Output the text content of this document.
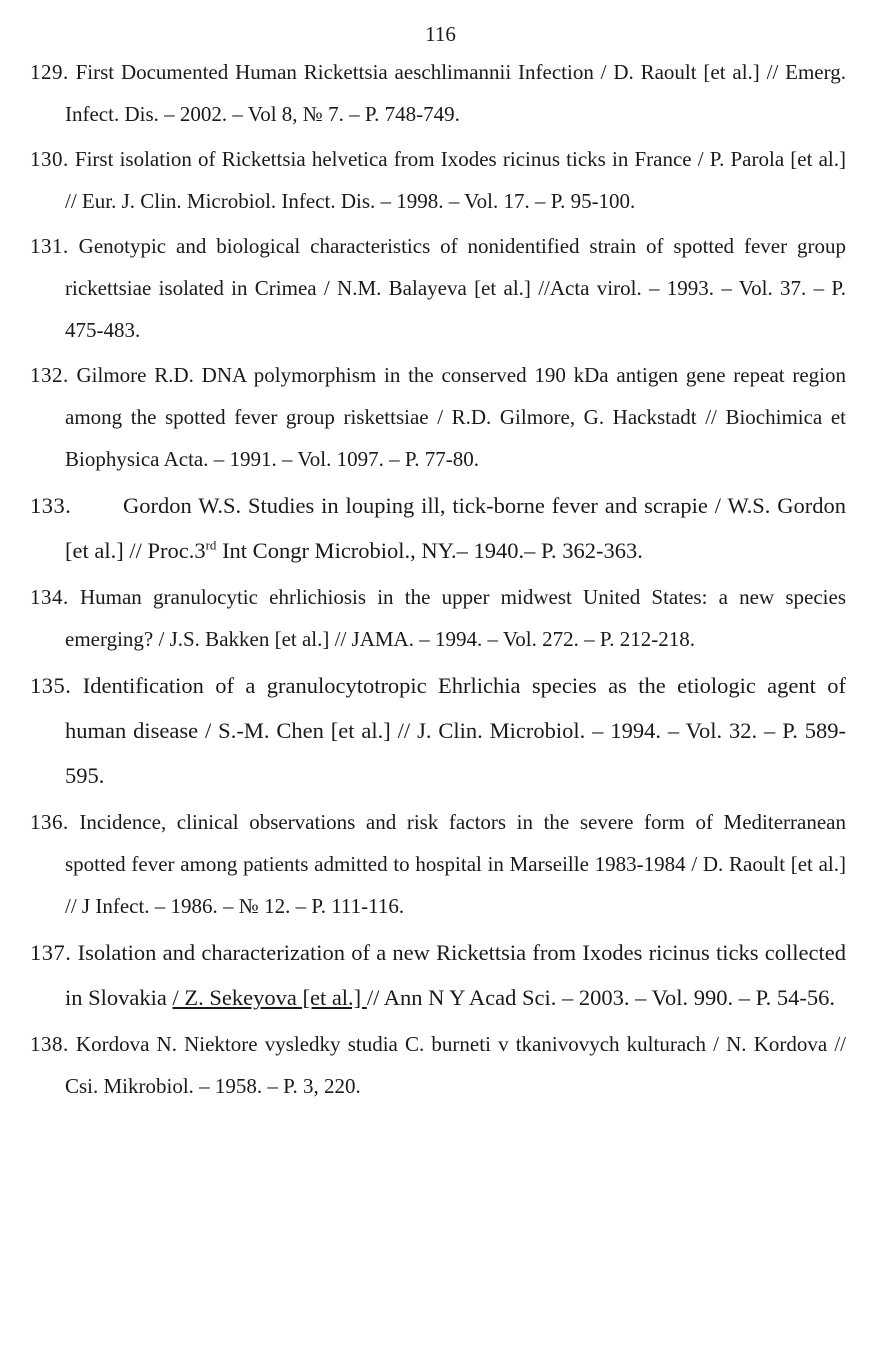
116
129. First Documented Human Rickettsia aeschlimannii Infection / D. Raoult [et al.] // Emerg. Infect. Dis. – 2002. – Vol 8, № 7. – P. 748-749.
130. First isolation of Rickettsia helvetica from Ixodes ricinus ticks in France / P. Parola [et al.] // Eur. J. Clin. Microbiol. Infect. Dis. – 1998. – Vol. 17. – P. 95-100.
131. Genotypic and biological characteristics of nonidentified strain of spotted fever group rickettsiae isolated in Crimea / N.M. Balayeva [et al.] //Acta virol. – 1993. – Vol. 37. – P. 475-483.
132. Gilmore R.D. DNA polymorphism in the conserved 190 kDa antigen gene repeat region among the spotted fever group riskettsiae / R.D. Gilmore, G. Hackstadt // Biochimica et Biophysica Acta. – 1991. – Vol. 1097. – P. 77-80.
133. Gordon W.S. Studies in louping ill, tick-borne fever and scrapie / W.S. Gordon [et al.] // Proc.3rd Int Congr Microbiol., NY.– 1940.– P. 362-363.
134. Human granulocytic ehrlichiosis in the upper midwest United States: a new species emerging? / J.S. Bakken [et al.] // JAMA. – 1994. – Vol. 272. – P. 212-218.
135. Identification of a granulocytotropic Ehrlichia species as the etiologic agent of human disease / S.-M. Chen [et al.] // J. Clin. Microbiol. – 1994. – Vol. 32. – P. 589-595.
136. Incidence, clinical observations and risk factors in the severe form of Mediterranean spotted fever among patients admitted to hospital in Marseille 1983-1984 / D. Raoult [et al.] // J Infect. – 1986. – № 12. – P. 111-116.
137. Isolation and characterization of a new Rickettsia from Ixodes ricinus ticks collected in Slovakia / Z. Sekeyova [et al.] // Ann N Y Acad Sci. – 2003. – Vol. 990. – P. 54-56.
138. Kordova N. Niektore vysledky studia C. burneti v tkanivovych kulturach / N. Kordova // Csi. Mikrobiol. – 1958. – P. 3, 220.
